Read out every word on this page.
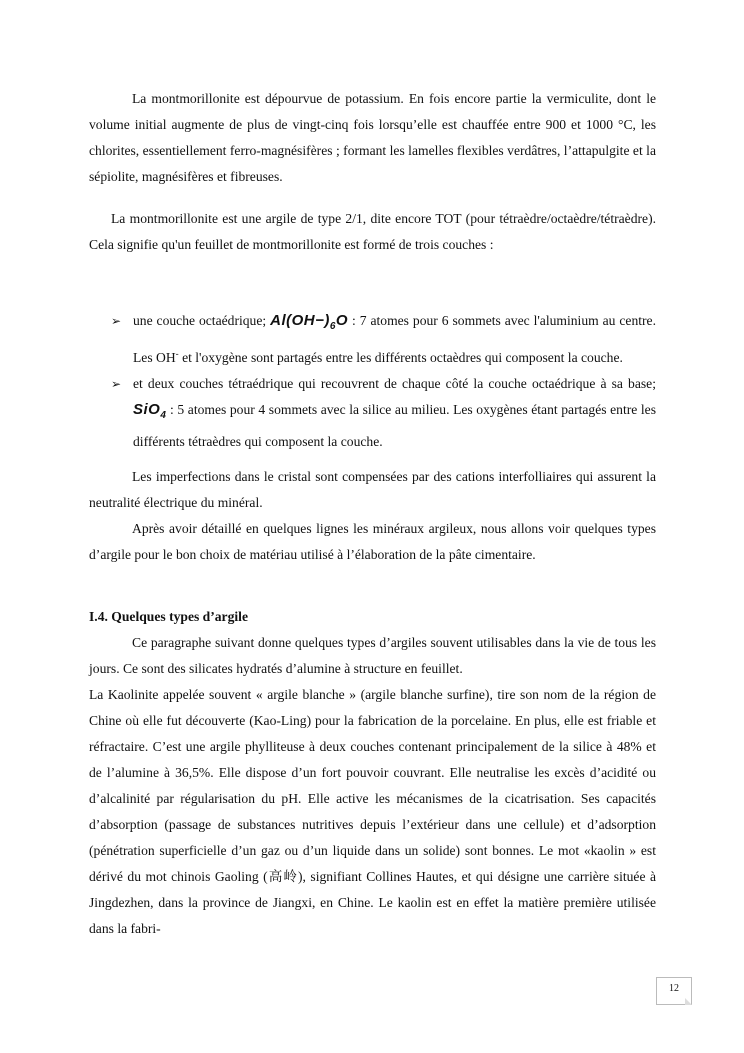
La montmorillonite est dépourvue de potassium. En fois encore partie la vermiculite, dont le volume initial augmente de plus de vingt-cinq fois lorsqu’elle est chauffée entre 900 et 1000 °C, les chlorites, essentiellement ferro-magnésifères ; formant les lamelles flexibles verdâtres, l’attapulgite et la sépiolite, magnésifères et fibreuses.

La montmorillonite est une argile de type 2/1, dite encore TOT (pour tétraèdre/octaèdre/tétraèdre). Cela signifie qu'un feuillet de montmorillonite est formé de trois couches :

➢ une couche octaédrique; $Al(OH-)_6O$ : 7 atomes pour 6 sommets avec l'aluminium au centre. Les OH- et l'oxygène sont partagés entre les différents octaèdres qui composent la couche.
➢ et deux couches tétraédrique qui recouvrent de chaque côté la couche octaédrique à sa base; SiO$_4$ : 5 atomes pour 4 sommets avec la silice au milieu. Les oxygènes étant partagés entre les différents tétraèdres qui composent la couche.

Les imperfections dans le cristal sont compensées par des cations interfolliaires qui assurent la neutralité électrique du minéral.

Après avoir détaillé en quelques lignes les minéraux argileux, nous allons voir quelques types d’argile pour le bon choix de matériau utilisé à l’élaboration de la pâte cimentaire.

I.4. Quelques types d’argile

Ce paragraphe suivant donne quelques types d’argiles souvent utilisables dans la vie de tous les jours. Ce sont des silicates hydratés d’alumine à structure en feuillet.

La Kaolinite appelée souvent « argile blanche » (argile blanche surfine), tire son nom de la région de Chine où elle fut découverte (Kao-Ling) pour la fabrication de la porcelaine. En plus, elle est friable et réfractaire. C’est une argile phylliteuse à deux couches contenant principalement de la silice à 48% et de l’alumine à 36,5%. Elle dispose d’un fort pouvoir couvrant. Elle neutralise les excès d’acidité ou d’alcalinité par régularisation du pH. Elle active les mécanismes de la cicatrisation. Ses capacités d’absorption (passage de substances nutritives depuis l’extérieur dans une cellule) et d’adsorption (pénétration superficielle d’un gaz ou d’un liquide dans un solide) sont bonnes. Le mot «kaolin » est dérivé du mot chinois Gaoling (高岭), signifiant Collines Hautes, et qui désigne une carrière située à Jingdezhen, dans la province de Jiangxi, en Chine. Le kaolin est en effet la matière première utilisée dans la fabri-

12
